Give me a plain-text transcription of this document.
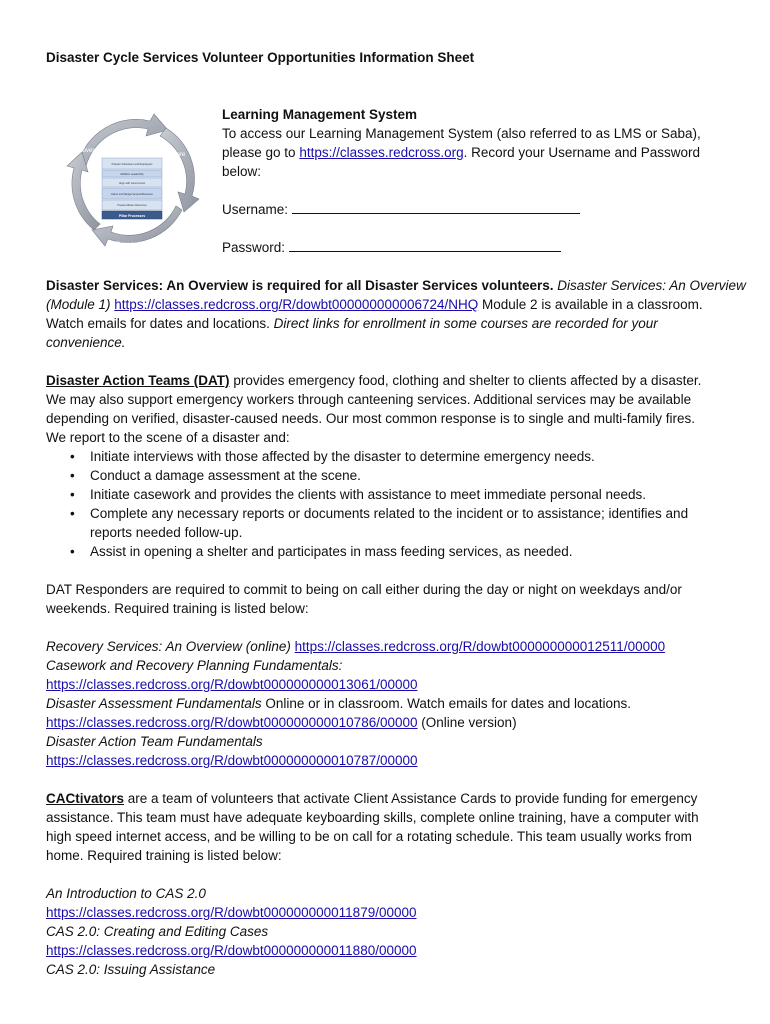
Disaster Cycle Services Volunteer Opportunities Information Sheet
Recover
Prepare
Respond
Prepare Volunteers and Employees
Mobilize Leadership
Align with Government
Deliver and Manage Services/Resources
Prepare Mission Resources
Pillar Processes
Learning Management System
To access our Learning Management System (also referred to as LMS or Saba),
please go to https://classes.redcross.org. Record your Username and Password
below:
Username:
Password:
Disaster Services: An Overview is required for all Disaster Services volunteers. Disaster Services: An Overview
(Module 1) https://classes.redcross.org/R/dowbt000000000006724/NHQ Module 2 is available in a classroom.
Watch emails for dates and locations. Direct links for enrollment in some courses are recorded for your
convenience.
Disaster Action Teams (DAT) provides emergency food, clothing and shelter to clients affected by a disaster.
We may also support emergency workers through canteening services. Additional services may be available
depending on verified, disaster-caused needs. Our most common response is to single and multi-family fires.
We report to the scene of a disaster and:
• Initiate interviews with those affected by the disaster to determine emergency needs.
• Conduct a damage assessment at the scene.
• Initiate casework and provides the clients with assistance to meet immediate personal needs.
• Complete any necessary reports or documents related to the incident or to assistance; identifies and
reports needed follow-up.
• Assist in opening a shelter and participates in mass feeding services, as needed.
DAT Responders are required to commit to being on call either during the day or night on weekdays and/or
weekends. Required training is listed below:
Recovery Services: An Overview (online) https://classes.redcross.org/R/dowbt000000000012511/00000
Casework and Recovery Planning Fundamentals:
https://classes.redcross.org/R/dowbt000000000013061/00000
Disaster Assessment Fundamentals Online or in classroom. Watch emails for dates and locations.
https://classes.redcross.org/R/dowbt000000000010786/00000 (Online version)
Disaster Action Team Fundamentals
https://classes.redcross.org/R/dowbt000000000010787/00000
CACtivators are a team of volunteers that activate Client Assistance Cards to provide funding for emergency
assistance. This team must have adequate keyboarding skills, complete online training, have a computer with
high speed internet access, and be willing to be on call for a rotating schedule. This team usually works from
home. Required training is listed below:
An Introduction to CAS 2.0
https://classes.redcross.org/R/dowbt000000000011879/00000
CAS 2.0: Creating and Editing Cases
https://classes.redcross.org/R/dowbt000000000011880/00000
CAS 2.0: Issuing Assistance
